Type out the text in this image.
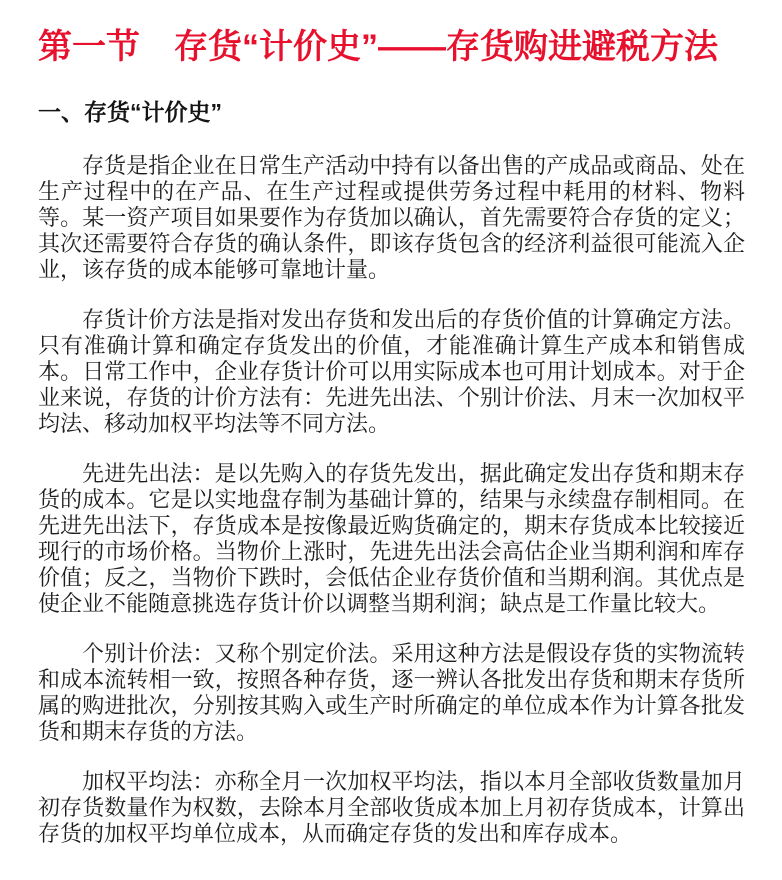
第一节　存货“计价史”——存货购进避税方法
一、存货“计价史”

存货是指企业在日常生产活动中持有以备出售的产成品或商品、处在生产过程中的在产品、在生产过程或提供劳务过程中耗用的材料、物料等。某一资产项目如果要作为存货加以确认，首先需要符合存货的定义；其次还需要符合存货的确认条件，即该存货包含的经济利益很可能流入企业，该存货的成本能够可靠地计量。

存货计价方法是指对发出存货和发出后的存货价值的计算确定方法。只有准确计算和确定存货发出的价值，才能准确计算生产成本和销售成本。日常工作中，企业存货计价可以用实际成本也可用计划成本。对于企业来说，存货的计价方法有：先进先出法、个别计价法、月末一次加权平均法、移动加权平均法等不同方法。

先进先出法：是以先购入的存货先发出，据此确定发出存货和期末存货的成本。它是以实地盘存制为基础计算的，结果与永续盘存制相同。在先进先出法下，存货成本是按像最近购货确定的，期末存货成本比较接近现行的市场价格。当物价上涨时，先进先出法会高估企业当期利润和库存价值；反之，当物价下跌时，会低估企业存货价值和当期利润。其优点是使企业不能随意挑选存货计价以调整当期利润；缺点是工作量比较大。

个别计价法：又称个别定价法。采用这种方法是假设存货的实物流转和成本流转相一致，按照各种存货，逐一辨认各批发出存货和期末存货所属的购进批次，分别按其购入或生产时所确定的单位成本作为计算各批发货和期末存货的方法。

加权平均法：亦称全月一次加权平均法，指以本月全部收货数量加月初存货数量作为权数，去除本月全部收货成本加上月初存货成本，计算出存货的加权平均单位成本，从而确定存货的发出和库存成本。
